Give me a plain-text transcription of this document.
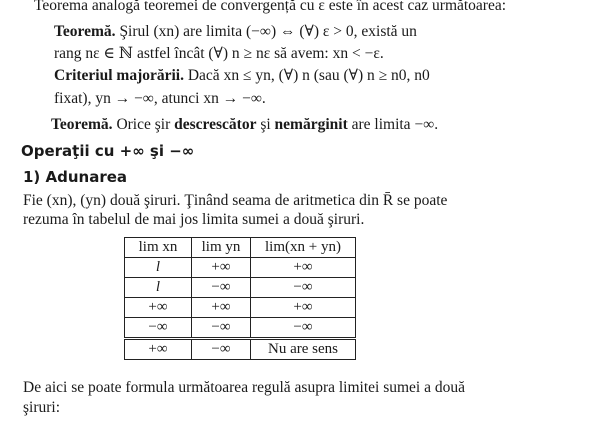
Teorema analogă teoremei de convergență cu ε este în acest caz următoarea:
Teoremă. Şirul (xn) are limita (−∞) ⇔ (∀) ε > 0, există un
rang nε ∈ ℕ astfel încât (∀) n ≥ nε să avem: xn < −ε.
Criteriul majorării. Dacă xn ≤ yn, (∀) n (sau (∀) n ≥ n0, n0
fixat), yn → −∞, atunci xn → −∞.
Teoremă. Orice şir descrescător şi nemărginit are limita −∞.
Operaţii cu +∞ şi −∞
1) Adunarea
Fie (xn), (yn) două şiruri. Ţinând seama de aritmetica din R̄ se poate
rezuma în tabelul de mai jos limita sumei a două şiruri.
lim xn	lim yn	lim(xn + yn)
l	+∞	+∞
l	−∞	−∞
+∞	+∞	+∞
−∞	−∞	−∞
+∞	−∞	Nu are sens
De aici se poate formula următoarea regulă asupra limitei sumei a două
şiruri:
